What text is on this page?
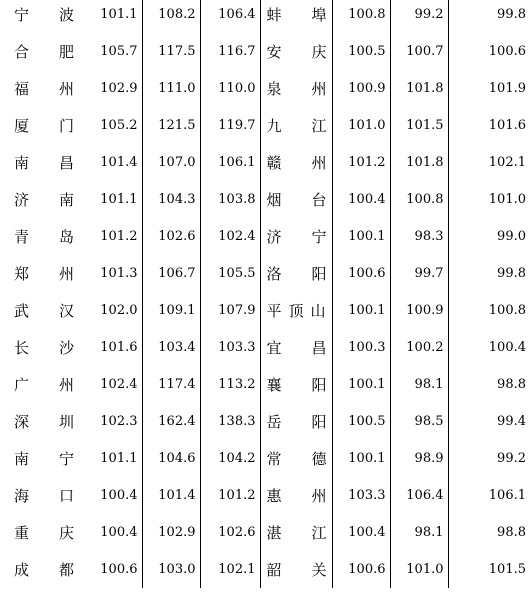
宁 波	101.1	108.2	106.4	蚌 埠	100.8	99.2	99.8
合 肥	105.7	117.5	116.7	安 庆	100.5	100.7	100.6
福 州	102.9	111.0	110.0	泉 州	100.9	101.8	101.9
厦 门	105.2	121.5	119.7	九 江	101.0	101.5	101.6
南 昌	101.4	107.0	106.1	赣 州	101.2	101.8	102.1
济 南	101.1	104.3	103.8	烟 台	100.4	100.8	101.0
青 岛	101.2	102.6	102.4	济 宁	100.1	98.3	99.0
郑 州	101.3	106.7	105.5	洛 阳	100.6	99.7	99.8
武 汉	102.0	109.1	107.9	平 顶 山	100.1	100.9	100.8
长 沙	101.6	103.4	103.3	宜 昌	100.3	100.2	100.4
广 州	102.4	117.4	113.2	襄 阳	100.1	98.1	98.8
深 圳	102.3	162.4	138.3	岳 阳	100.5	98.5	99.4
南 宁	101.1	104.6	104.2	常 德	100.1	98.9	99.2
海 口	100.4	101.4	101.2	惠 州	103.3	106.4	106.1
重 庆	100.4	102.9	102.6	湛 江	100.4	98.1	98.8
成 都	100.6	103.0	102.1	韶 关	100.6	101.0	101.5
